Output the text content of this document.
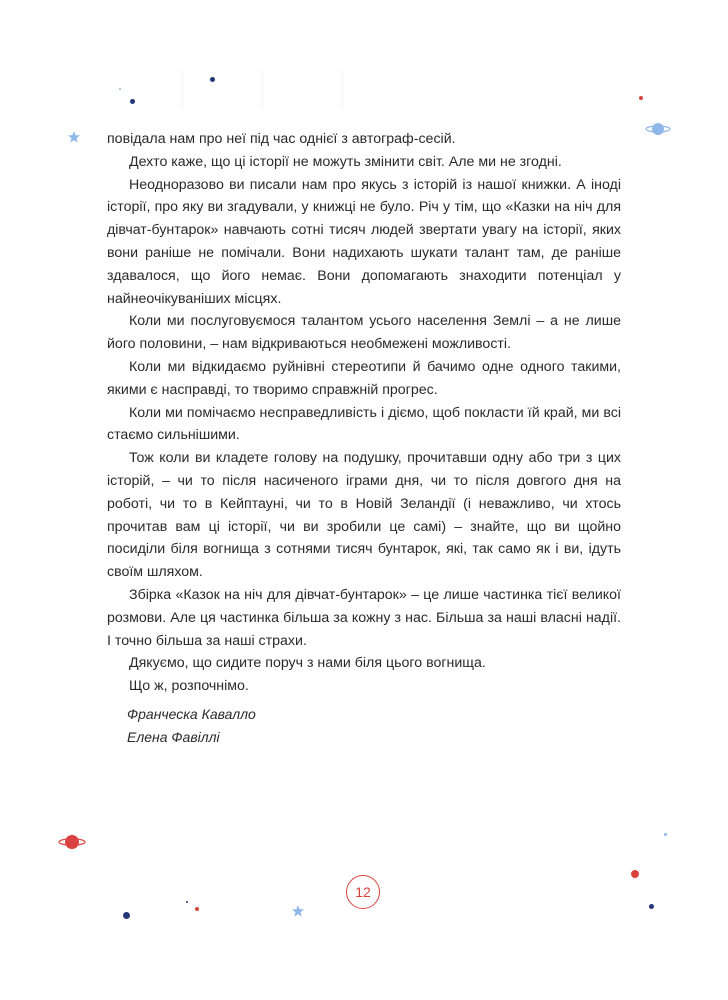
повідала нам про неї під час однієї з автограф-сесій.

Дехто каже, що ці історії не можуть змінити світ. Але ми не згодні.

Неодноразово ви писали нам про якусь з історій із нашої книжки. А іноді історії, про яку ви згадували, у книжці не було. Річ у тім, що «Казки на ніч для дівчат-бунтарок» навчають сотні тисяч людей звертати увагу на історії, яких вони раніше не помічали. Вони надихають шукати талант там, де раніше здавалося, що його немає. Вони допомагають знаходити потенціал у найнеочікуваніших місцях.

Коли ми послуговуємося талантом усього населення Землі – а не лише його половини, – нам відкриваються необмежені можливості.

Коли ми відкидаємо руйнівні стереотипи й бачимо одне одного такими, якими є насправді, то творимо справжній прогрес.

Коли ми помічаємо несправедливість і діємо, щоб покласти їй край, ми всі стаємо сильнішими.

Тож коли ви кладете голову на подушку, прочитавши одну або три з цих історій, – чи то після насиченого іграми дня, чи то після довгого дня на роботі, чи то в Кейптауні, чи то в Новій Зеландії (і неважливо, чи хтось прочитав вам ці історії, чи ви зробили це самі) – знайте, що ви щойно посиділи біля вогнища з сотнями тисяч бунтарок, які, так само як і ви, ідуть своїм шляхом.

Збірка «Казок на ніч для дівчат-бунтарок» – це лише частинка тієї великої розмови. Але ця частинка більша за кожну з нас. Більша за наші власні надії. І точно більша за наші страхи.

Дякуємо, що сидите поруч з нами біля цього вогнища.

Що ж, розпочнімо.

Франческа Кавалло
Елена Фавіллі
12
